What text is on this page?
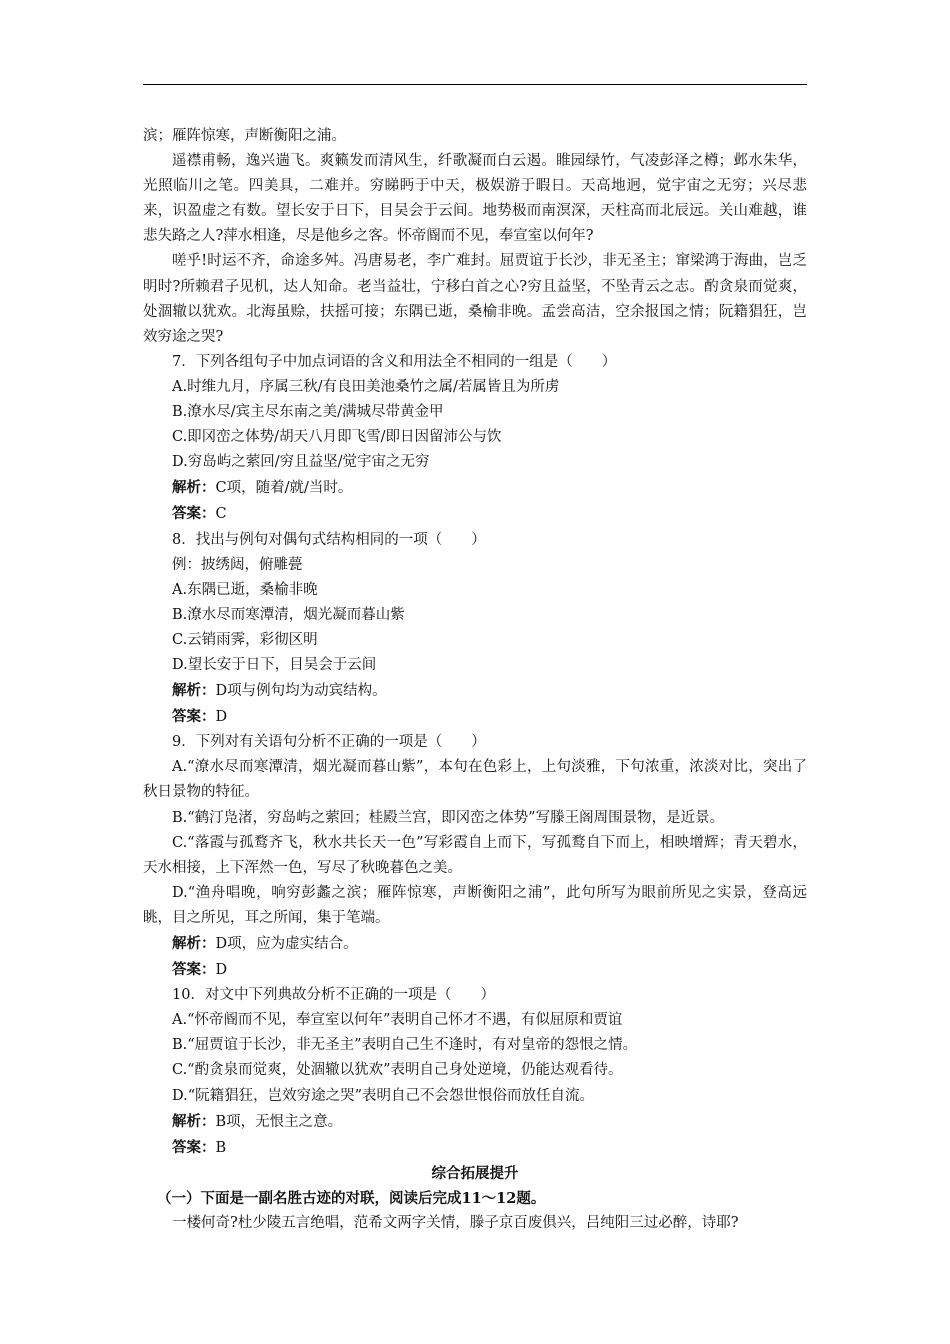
滨；雁阵惊寒，声断衡阳之浦。

遥襟甫畅，逸兴遄飞。爽籁发而清风生，纤歌凝而白云遏。睢园绿竹，气凌彭泽之樽；邺水朱华，光照临川之笔。四美具，二难并。穷睇眄于中天，极娱游于暇日。天高地迥，觉宇宙之无穷；兴尽悲来，识盈虚之有数。望长安于日下，目吴会于云间。地势极而南溟深，天柱高而北辰远。关山难越，谁悲失路之人?萍水相逢，尽是他乡之客。怀帝阍而不见，奉宣室以何年?

嗟乎!时运不齐，命途多舛。冯唐易老，李广难封。屈贾谊于长沙，非无圣主；窜梁鸿于海曲，岂乏明时?所赖君子见机，达人知命。老当益壮，宁移白首之心?穷且益坚，不坠青云之志。酌贪泉而觉爽，处涸辙以犹欢。北海虽赊，扶摇可接；东隅已逝，桑榆非晚。孟尝高洁，空余报国之情；阮籍猖狂，岂效穷途之哭?

7．下列各组句子中加点词语的含义和用法全不相同的一组是（　　）
A.时维九月，序属三秋/有良田美池桑竹之属/若属皆且为所虏
B.潦水尽/宾主尽东南之美/满城尽带黄金甲
C.即冈峦之体势/胡天八月即飞雪/即日因留沛公与饮
D.穷岛屿之萦回/穷且益坚/觉宇宙之无穷
解析：C项，随着/就/当时。
答案：C
8．找出与例句对偶句式结构相同的一项（　　）
例：披绣闼，俯雕甍
A.东隅已逝，桑榆非晚
B.潦水尽而寒潭清，烟光凝而暮山紫
C.云销雨霁，彩彻区明
D.望长安于日下，目吴会于云间
解析：D项与例句均为动宾结构。
答案：D
9．下列对有关语句分析不正确的一项是（　　）
A.“潦水尽而寒潭清，烟光凝而暮山紫”，本句在色彩上，上句淡雅，下句浓重，浓淡对比，突出了秋日景物的特征。
B.“鹤汀凫渚，穷岛屿之萦回；桂殿兰宫，即冈峦之体势”写滕王阁周围景物，是近景。
C.“落霞与孤鹜齐飞，秋水共长天一色”写彩霞自上而下，写孤鹜自下而上，相映增辉；青天碧水，天水相接，上下浑然一色，写尽了秋晚暮色之美。
D.“渔舟唱晚，响穷彭蠡之滨；雁阵惊寒，声断衡阳之浦”，此句所写为眼前所见之实景，登高远眺，目之所见，耳之所闻，集于笔端。
解析：D项，应为虚实结合。
答案：D
10．对文中下列典故分析不正确的一项是（　　）
A.“怀帝阍而不见，奉宣室以何年”表明自己怀才不遇，有似屈原和贾谊
B.“屈贾谊于长沙，非无圣主”表明自己生不逢时，有对皇帝的怨恨之情。
C.“酌贪泉而觉爽，处涸辙以犹欢”表明自己身处逆境，仍能达观看待。
D.“阮籍猖狂，岂效穷途之哭”表明自己不会怨世恨俗而放任自流。
解析：B项，无恨主之意。
答案：B
综合拓展提升
（一）下面是一副名胜古迹的对联，阅读后完成11～12题。
一楼何奇?杜少陵五言绝唱，范希文两字关情，滕子京百废俱兴，吕纯阳三过必醉，诗耶?
